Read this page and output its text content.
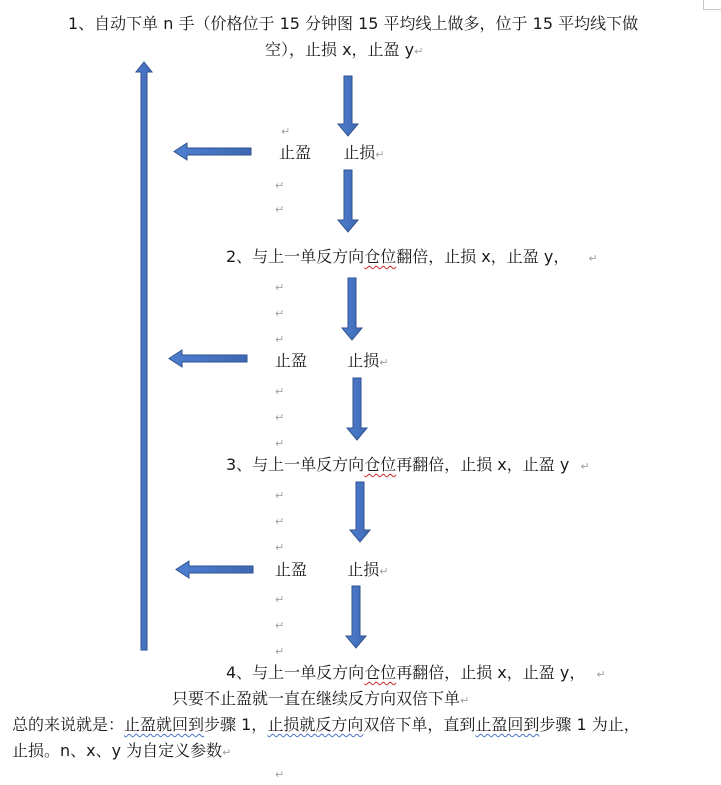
1、自动下单 n 手（价格位于 15 分钟图 15 平均线上做多，位于 15 平均线下做
空），止损 x，止盈 y↵
↵
↵
↵
止盈 止损↵
2、与上一单反方向仓位翻倍，止损 x，止盈 y， ↵
↵
↵
↵
止盈	止损↵
↵
↵
↵
3、与上一单反方向仓位再翻倍，止损 x，止盈 y ↵
↵
↵
↵
止盈	止损↵
↵
↵
↵
4、与上一单反方向仓位再翻倍，止损 x，止盈 y， ↵
只要不止盈就一直在继续反方向双倍下单↵
总的来说就是：止盈就回到步骤 1，止损就反方向双倍下单，直到止盈回到步骤 1 为止，
止损。n、x、y 为自定义参数↵
↵
